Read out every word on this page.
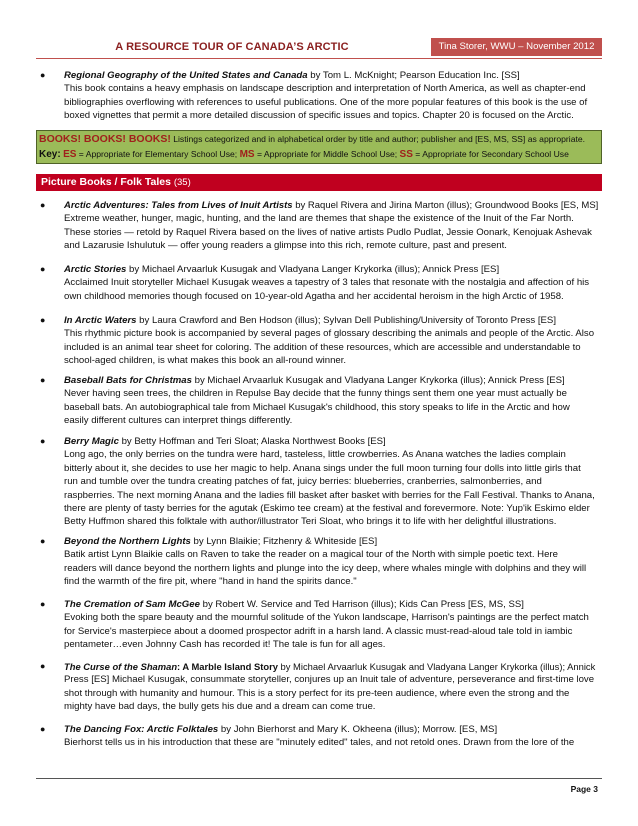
A RESOURCE TOUR OF CANADA’S ARCTIC	Tina Storer, WWU – November 2012
● Regional Geography of the United States and Canada by Tom L. McKnight; Pearson Education Inc. [SS]
This book contains a heavy emphasis on landscape description and interpretation of North America, as well as chapter-end
bibliographies overflowing with references to useful publications. One of the more popular features of this book is the use of
boxed vignettes that permit a more detailed discussion of specific issues and topics. Chapter 20 is focused on the Arctic.
BOOKS! BOOKS! BOOKS! Listings categorized and in alphabetical order by title and author; publisher and [ES, MS, SS] as appropriate.
Key: ES = Appropriate for Elementary School Use; MS = Appropriate for Middle School Use; SS = Appropriate for Secondary School Use
Picture Books / Folk Tales (35)
● Arctic Adventures: Tales from Lives of Inuit Artists by Raquel Rivera and Jirina Marton (illus); Groundwood Books [ES, MS]
Extreme weather, hunger, magic, hunting, and the land are themes that shape the existence of the Inuit of the Far North.
These stories — retold by Raquel Rivera based on the lives of native artists Pudlo Pudlat, Jessie Oonark, Kenojuak Ashevak
and Lazarusie Ishulutuk — offer young readers a glimpse into this rich, remote culture, past and present.
● Arctic Stories by Michael Arvaarluk Kusugak and Vladyana Langer Krykorka (illus); Annick Press [ES]
Acclaimed Inuit storyteller Michael Kusugak weaves a tapestry of 3 tales that resonate with the nostalgia and affection of his
own childhood memories though focused on 10-year-old Agatha and her accidental heroism in the high Arctic of 1958.
● In Arctic Waters by Laura Crawford and Ben Hodson (illus); Sylvan Dell Publishing/University of Toronto Press [ES]
This rhythmic picture book is accompanied by several pages of glossary describing the animals and people of the Arctic. Also
included is an animal tear sheet for coloring. The addition of these resources, which are accessible and understandable to
school-aged children, is what makes this book an all-round winner.
● Baseball Bats for Christmas by Michael Arvaarluk Kusugak and Vladyana Langer Krykorka (illus); Annick Press [ES]
Never having seen trees, the children in Repulse Bay decide that the funny things sent them one year must actually be
baseball bats. An autobiographical tale from Michael Kusugak's childhood, this story speaks to life in the Arctic and how
easily different cultures can interpret things differently.
● Berry Magic by Betty Hoffman and Teri Sloat; Alaska Northwest Books [ES]
Long ago, the only berries on the tundra were hard, tasteless, little crowberries. As Anana watches the ladies complain
bitterly about it, she decides to use her magic to help. Anana sings under the full moon turning four dolls into little girls that
run and tumble over the tundra creating patches of fat, juicy berries: blueberries, cranberries, salmonberries, and
raspberries. The next morning Anana and the ladies fill basket after basket with berries for the Fall Festival. Thanks to Anana,
there are plenty of tasty berries for the agutak (Eskimo tee cream) at the festival and forevermore. Note: Yup'ik Eskimo elder
Betty Huffmon shared this folktale with author/illustrator Teri Sloat, who brings it to life with her delightful illustrations.
● Beyond the Northern Lights by Lynn Blaikie; Fitzhenry & Whiteside [ES]
Batik artist Lynn Blaikie calls on Raven to take the reader on a magical tour of the North with simple poetic text. Here
readers will dance beyond the northern lights and plunge into the icy deep, where whales mingle with dolphins and they will
find the warmth of the fire pit, where "hand in hand the spirits dance."
● The Cremation of Sam McGee by Robert W. Service and Ted Harrison (illus); Kids Can Press [ES, MS, SS]
Evoking both the spare beauty and the mournful solitude of the Yukon landscape, Harrison's paintings are the perfect match
for Service's masterpiece about a doomed prospector adrift in a harsh land. A classic must-read-aloud tale told in iambic
pentameter…even Johnny Cash has recorded it! The tale is fun for all ages.
● The Curse of the Shaman: A Marble Island Story by Michael Arvaarluk Kusugak and Vladyana Langer Krykorka (illus); Annick
Press [ES] Michael Kusugak, consummate storyteller, conjures up an Inuit tale of adventure, perseverance and first-time love
shot through with humanity and humour. This is a story perfect for its pre-teen audience, where even the strong and the
mighty have bad days, the bully gets his due and a dream can come true.
● The Dancing Fox: Arctic Folktales by John Bierhorst and Mary K. Okheena (illus); Morrow. [ES, MS]
Bierhorst tells us in his introduction that these are "minutely edited" tales, and not retold ones. Drawn from the lore of the
Page 3
